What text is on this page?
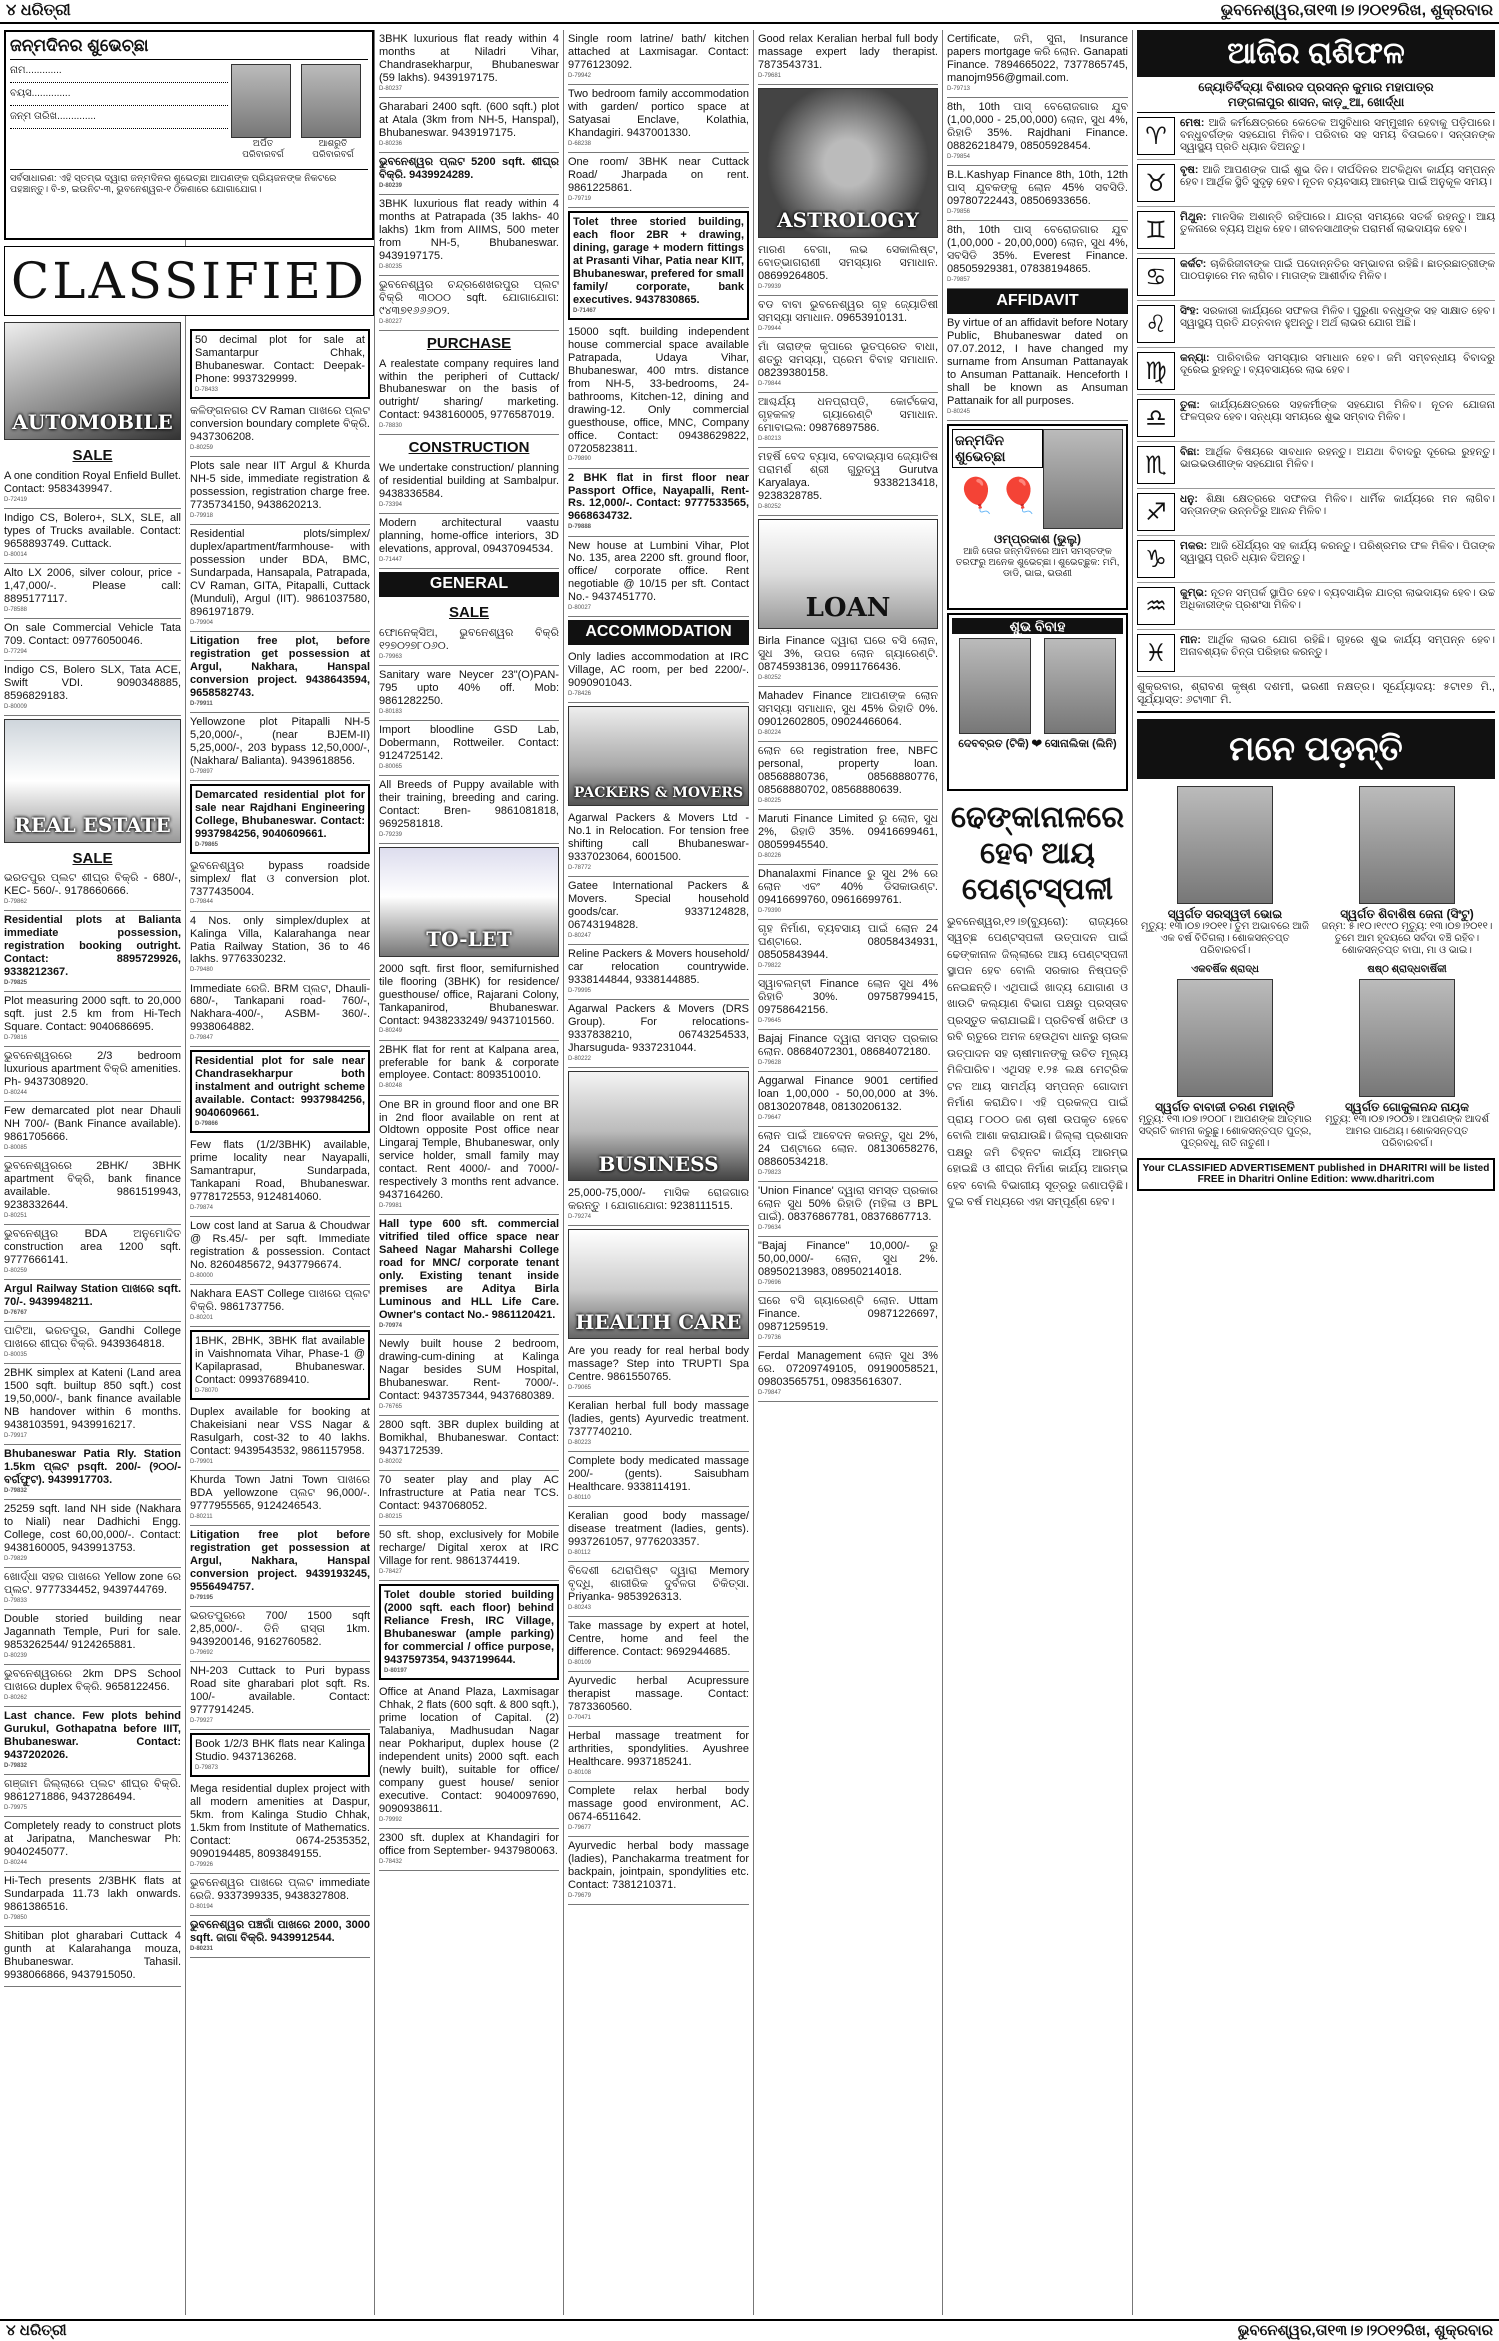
୪ ଧରିତ୍ରୀ	ଭୁବନେଶ୍ୱର,ତା୧୩।୭।୨୦୧୨ରିଖ, ଶୁକ୍ରବାର
ଜନ୍ମଦିନର ଶୁଭେଚ୍ଛା
ନାମ.............
ବୟସ..............
ଜନ୍ମ ତାରିଖ..............
ଅର୍ପିତ ପରିବାରବର୍ଗ
ଆଶରୁତି ପରିବାରବର୍ଗ
ସର୍ବସାଧାରଣ: ଏହି ସ୍ତମ୍ଭ ଦ୍ୱାରା ଜନ୍ମଦିନର ଶୁଭେଚ୍ଛା ଆପଣଙ୍କ ପ୍ରିୟଜନଙ୍କ ନିକଟରେ ପହଞ୍ଚାନ୍ତୁ। ବି-୭, ଇଉନିଟ-୩, ଭୁବନେଶ୍ୱର-୧ ଠିକଣାରେ ଯୋଗାଯୋଗ।
CLASSIFIED
AUTOMOBILE
SALE
A one condition Royal Enfield Bullet. Contact: 9583439947.
D-72419
Indigo CS, Bolero+, SLX, SLE, all types of Trucks available. Contact: 9658893749. Cuttack.
D-80014
Alto LX 2006, silver colour, price - 1,47,000/-. Please call: 8895177117.
D-78588
On sale Commercial Vehicle Tata 709. Contact: 09776050046.
D-77294
Indigo CS, Bolero SLX, Tata ACE, Swift VDI. 9090348885, 8596829183.
D-80009
REAL ESTATE
SALE
ଭରତପୁର ପ୍ଲଟ ଶୀଘ୍ର ବିକ୍ରି - 680/-, KEC- 560/-. 9178660666.
D-79862
Residential plots at Balianta immediate possession, registration booking outright. Contact: 8895729926, 9338212367.
D-79825
Plot measuring 2000 sqft. to 20,000 sqft. just 2.5 km from Hi-Tech Square. Contact: 9040686695.
D-79816
ଭୁବନେଶ୍ୱରରେ 2/3 bedroom luxurious apartment ବିକ୍ରି amenities. Ph- 9437308920.
D-80244
Few demarcated plot near Dhauli NH 700/- (Bank Finance available). 9861705666.
D-80085
ଭୁବନେଶ୍ୱରରେ 2BHK/ 3BHK apartment ବିକ୍ରି, bank finance available. 9861519943, 9238332644.
D-80251
ଭୁବନେଶ୍ୱର BDA ଅନୁମୋଦିତ construction area 1200 sqft. 9777666141.
D-80259
Argul Railway Station ପାଖରେ sqft. 70/-. 9439948211.
D-76767
ପାଟିଆ, ଭରତପୁର, Gandhi College ପାଖରେ ଶୀଘ୍ର ବିକ୍ରି. 9439364818.
D-80035
2BHK simplex at Kateni (Land area 1500 sqft. builtup 850 sqft.) cost 19,50,000/-, bank finance available NB handover within 6 months. 9438103591, 9439916217.
D-79917
Bhubaneswar Patia Rly. Station 1.5km ପ୍ଲଟ psqft. 200/- (୨୦୦/-ବର୍ଗଫୁଟ). 9439917703.
D-79832
25259 sqft. land NH side (Nakhara to Niali) near Dadhichi Engg. College, cost 60,00,000/-. Contact: 9438160005, 9439913753.
D-79829
ଖୋର୍ଦ୍ଧା ସହର ପାଖରେ Yellow zone ରେ ପ୍ଲଟ. 9777334452, 9439744769.
D-79833
Double storied building near Jagannath Temple, Puri for sale. 9853262544/ 9124265881.
D-80239
ଭୁବନେଶ୍ୱରରେ 2km DPS School ପାଖରେ duplex ବିକ୍ରି. 9658122456.
D-80262
Last chance. Few plots behind Gurukul, Gothapatna before IIIT, Bhubaneswar. Contact: 9437202026.
D-79832
ଗଞ୍ଜାମ ଜିଲ୍ଲାରେ ପ୍ଲଟ ଶୀଘ୍ର ବିକ୍ରି. 9861271886, 9437286494.
D-79975
Completely ready to construct plots at Jaripatna, Mancheswar Ph: 9040245077.
D-80244
Hi-Tech presents 2/3BHK flats at Sundarpada 11.73 lakh onwards. 9861386516.
D-79850
Shitiban plot gharabari Cuttack 4 gunth at Kalarahanga mouza, Bhubaneswar. Tahasil. 9938066866, 9437915050.
50 decimal plot for sale at Samantarpur Chhak, Bhubaneswar. Contact: Deepak- Phone: 9937329999.
D-78433
କଳିଙ୍ଗନଗର CV Raman ପାଖରେ ପ୍ଲଟ conversion boundary complete ବିକ୍ରି. 9437306208.
D-80259
Plots sale near IIT Argul & Khurda NH-5 side, immediate registration & possession, registration charge free. 7735734150, 9438620213.
D-79918
Residential plots/simplex/ duplex/apartment/farmhouse- with possession under BDA, BMC, Sundarpada, Hansapala, Patrapada, CV Raman, GITA, Pitapalli, Cuttack (Munduli), Argul (IIT). 9861037580, 8961971879.
D-79904
Litigation free plot, before registration get possession at Argul, Nakhara, Hanspal conversion project. 9438643594, 9658582743.
D-79911
Yellowzone plot Pitapalli NH-5 5,20,000/-, (near BJEM-II) 5,25,000/-, 203 bypass 12,50,000/-, (Nakhara/ Balianta). 9439618856.
D-79897
Demarcated residential plot for sale near Rajdhani Engineering College, Bhubaneswar. Contact: 9937984256, 9040609661.
D-79865
ଭୁବନେଶ୍ୱର bypass roadside simplex/ flat ଓ conversion plot. 7377435004.
D-79844
4 Nos. only simplex/duplex at Kalinga Villa, Kalarahanga near Patia Railway Station, 36 to 46 lakhs. 9776330232.
D-79480
Immediate ରେଜି. BRM ପ୍ଲଟ, Dhauli- 680/-, Tankapani road- 760/-, Nakhara-400/-, ASBM- 360/-. 9938064882.
D-79847
Residential plot for sale near Chandrasekharpur both instalment and outright scheme available. Contact: 9937984256, 9040609661.
D-79866
Few flats (1/2/3BHK) available, prime locality near Nayapalli, Samantrapur, Sundarpada, Tankapani Road, Bhubaneswar. 9778172553, 9124814060.
D-79874
Low cost land at Sarua & Choudwar @ Rs.45/- per sqft. Immediate registration & possession. Contact No. 8260485672, 9437796674.
D-80000
Nakhara EAST College ପାଖରେ ପ୍ଲଟ ବିକ୍ରି. 9861737756.
D-80201
1BHK, 2BHK, 3BHK flat available in Vaishnomata Vihar, Phase-1 @ Kapilaprasad, Bhubaneswar. Contact: 09937689410.
D-78070
Duplex available for booking at Chakeisiani near VSS Nagar & Rasulgarh, cost-32 to 40 lakhs. Contact: 9439543532, 9861157958.
D-79901
Khurda Town Jatni Town ପାଖରେ BDA yellowzone ପ୍ଲଟ 96,000/-. 9777955565, 9124246543.
D-80211
Litigation free plot before registration get possession at Argul, Nakhara, Hanspal conversion project. 9439193245, 9556494757.
D-79195
ଭରତପୁରରେ 700/ 1500 sqft 2,85,000/-. ତିନି ରାସ୍ତା 1km. 9439200146, 9162760582.
D-79692
NH-203 Cuttack to Puri bypass Road site gharabari plot sqft. Rs. 100/- available. Contact: 9777914245.
D-79927
Book 1/2/3 BHK flats near Kalinga Studio. 9437136268.
D-79873
Mega residential duplex project with all modern amenities at Daspur, 5km. from Kalinga Studio Chhak, 1.5km from Institute of Mathematics. Contact: 0674-2535352, 9090194485, 8093849155.
D-79926
ଭୁବନେଶ୍ୱର ପାଖରେ ପ୍ଲଟ immediate ରେଜି. 9337399335, 9438327808.
D-80194
ଭୁବନେଶ୍ୱର ପଞ୍ଚଗାଁ ପାଖରେ 2000, 3000 sqft. ଜାଗା ବିକ୍ରି. 9439912544.
D-80231
3BHK luxurious flat ready within 4 months at Niladri Vihar, Chandrasekharpur, Bhubaneswar (59 lakhs). 9439197175.
D-80237
Gharabari 2400 sqft. (600 sqft.) plot at Atala (3km from NH-5, Hanspal), Bhubaneswar. 9439197175.
D-80236
ଭୁବନେଶ୍ୱର ପ୍ଲଟ 5200 sqft. ଶୀଘ୍ର ବିକ୍ରି. 9439924289.
D-80239
3BHK luxurious flat ready within 4 months at Patrapada (35 lakhs- 40 lakhs) 1km from AIIMS, 500 meter from NH-5, Bhubaneswar. 9439197175.
D-80235
ଭୁବନେଶ୍ୱର ଚନ୍ଦ୍ରଶେଖରପୁର ପ୍ଲଟ ବିକ୍ରି ୩୦୦୦ sqft. ଯୋଗାଯୋଗ: ୯୪୩୭୧୬୬୬୦୨.
D-80227
PURCHASE
A realestate company requires land within the peripheri of Cuttack/ Bhubaneswar on the basis of outright/ sharing/ marketing. Contact: 9438160005, 9776587019.
D-78830
CONSTRUCTION
We undertake construction/ planning of residential building at Sambalpur. 9438336584.
D-73394
Modern architectural vaastu planning, home-office interiors, 3D elevations, approval, 09437094534.
D-71447
GENERAL
SALE
ଫୋନେକ୍ସିଅ, ଭୁବନେଶ୍ୱର ବିକ୍ରି ୧୨୭୦୨୭୮୦୬୦.
D-79963
Sanitary ware Neycer 23"(O)PAN-795 upto 40% off. Mob: 9861282250.
D-80183
Import bloodline GSD Lab, Dobermann, Rottweiler. Contact: 9124725142.
D-80065
All Breeds of Puppy available with their training, breeding and caring. Contact: Bren- 9861081818, 9692581818.
D-79239
TO-LET
2000 sqft. first floor, semifurnished tile flooring (3BHK) for residence/ guesthouse/ office, Rajarani Colony, Tankapanirod, Bhubaneswar. Contact: 9438233249/ 9437101560.
D-80249
2BHK flat for rent at Kalpana area, preferable for bank & corporate employee. Contact: 8093510010.
D-80248
One BR in ground floor and one BR in 2nd floor available on rent at Oldtown opposite Post office near Lingaraj Temple, Bhubaneswar, only service holder, small family may contact. Rent 4000/- and 7000/- respectively 3 months rent advance. 9437164260.
D-79981
Hall type 600 sft. commercial vitrified tiled office space near Saheed Nagar Maharshi College road for MNC/ corporate tenant only. Existing tenant inside premises are Aditya Birla Luminous and HLL Life Care. Owner's contact No.- 9861120421.
D-70974
Newly built house 2 bedroom, drawing-cum-dining at Kalinga Nagar besides SUM Hospital, Bhubaneswar. Rent- 7000/-. Contact: 9437357344, 9437680389.
D-76765
2800 sqft. 3BR duplex building at Bomikhal, Bhubaneswar. Contact: 9437172539.
D-80202
70 seater play and play AC Infrastructure at Patia near TCS. Contact: 9437068052.
D-80215
50 sft. shop, exclusively for Mobile recharge/ Digital xerox at IRC Village for rent. 9861374419.
D-78427
Tolet double storied building (2000 sqft. each floor) behind Reliance Fresh, IRC Village, Bhubaneswar (ample parking) for commercial / office purpose, 9437597354, 9437199644.
D-80197
Office at Anand Plaza, Laxmisagar Chhak, 2 flats (600 sqft. & 800 sqft.), prime location of Capital. (2) Talabaniya, Madhusudan Nagar near Pokhariput, duplex house (2 independent units) 2000 sqft. each (newly built), suitable for office/ company guest house/ senior executive. Contact: 9040097690, 9090938611.
D-79992
2300 sft. duplex at Khandagiri for office from September- 9437980063.
D-78432
Single room latrine/ bath/ kitchen attached at Laxmisagar. Contact: 9776123092.
D-79942
Two bedroom family accommodation with garden/ portico space at Satyasai Enclave, Kolathia, Khandagiri. 9437001330.
D-68238
One room/ 3BHK near Cuttack Road/ Jharpada on rent. 9861225861.
D-79719
Tolet three storied building, each floor 2BR + drawing, dining, garage + modern fittings at Prasanti Vihar, Patia near KIIT, Bhubaneswar, prefered for small family/ corporate, bank executives. 9437830865.
D-71467
15000 sqft. building independent house commercial space available Patrapada, Udaya Vihar, Bhubaneswar, 400 mtrs. distance from NH-5, 33-bedrooms, 24-bathrooms, Kitchen-12, dining and drawing-12. Only commercial guesthouse, office, MNC, Company office. Contact: 09438629822, 07205823811.
D-79890
2 BHK flat in first floor near Passport Office, Nayapalli, Rent-Rs. 12,000/-. Contact: 9777533565, 9668634732.
D-79888
New house at Lumbini Vihar, Plot No. 135, area 2200 sft. ground floor, office/ corporate office. Rent negotiable @ 10/15 per sft. Contact No.- 9437451770.
D-80027
ACCOMMODATION
Only ladies accommodation at IRC Village, AC room, per bed 2200/-. 9090901043.
D-78426
PACKERS & MOVERS
Agarwal Packers & Movers Ltd - No.1 in Relocation. For tension free shifting call Bhubaneswar- 9337023064, 6001500.
D-78772
Gatee International Packers & Movers. Special household goods/car. 9337124828, 06743194828.
D-80247
Reline Packers & Movers household/ car relocation countrywide. 9338144844, 9338144885.
D-79995
Agarwal Packers & Movers (DRS Group). For relocations- 9337838210, 06743254533, Jharsuguda- 9337231044.
D-80222
BUSINESS
25,000-75,000/- ମାସିକ ରୋଜଗାର କରନ୍ତୁ । ଯୋଗାଯୋଗ: 9238111515.
D-79274
HEALTH CARE
Are you ready for real herbal body massage? Step into TRUPTI Spa Centre. 9861550765.
D-79065
Keralian herbal full body massage (ladies, gents) Ayurvedic treatment. 7377740210.
D-80223
Complete body medicated massage 200/- (gents). Saisubham Healthcare. 9338114191.
D-80110
Keralian good body massage/ disease treatment (ladies, gents). 9937261057, 9776203357.
D-80112
ବିଦେଶୀ ଥେରାପିଷ୍ଟ ଦ୍ୱାରା Memory ବୃଦ୍ଧି, ଶାରୀରିକ ଦୁର୍ବଳତା ଚିକିତ୍ସା. Priyanka- 9853926313.
D-80243
Take massage by expert at hotel, Centre, home and feel the difference. Contact: 9692944685.
D-80109
Ayurvedic herbal Acupressure therapist massage. Contact: 7873360560.
D-70471
Herbal massage treatment for arthrities, spondylities. Ayushree Healthcare. 9937185241.
D-80108
Complete relax herbal body massage good environment, AC. 0674-6511642.
D-79677
Ayurvedic herbal body massage (ladies), Panchakarma treatment for backpain, jointpain, spondylities etc. Contact: 7381210371.
D-79679
Good relax Keralian herbal full body massage expert lady therapist. 7873543731.
D-79681
ASTROLOGY
ମାରଣ ବେଗା, ଲଭ ସେକାଲିଷ୍ଟ, ବୋତ୍‍ଭାଗରାଣୀ ସମସ୍ୟାର ସମାଧାନ. 08699264805.
D-79939
ବଡ ବାବା ଭୁବନେଶ୍ୱର ଗୃହ ଜ୍ୟୋତିଷୀ ସମସ୍ୟା ସମାଧାନ. 09653910131.
D-79944
ମାଁ ତାରାଙ୍କ କୃପାରେ ଭୂତପ୍ରେତ ବାଧା, ଶତ୍ରୁ ସମସ୍ୟା, ପ୍ରେମ ବିବାହ ସମାଧାନ. 08239380158.
D-79844
ଆଶ୍ଚର୍ଯ୍ୟ ଧନପ୍ରାପ୍ତି, କୋର୍ଟକେସ, ଗୃହକଳହ ଗ୍ୟାରେଣ୍ଟି ସମାଧାନ. ମୋବାଇଲ: 09876897586.
D-80213
ମହର୍ଷି ବେଦ ବ୍ୟାସ, ବେଦାଭ୍ୟାସ ଜ୍ୟୋତିଷ ପରାମର୍ଶ ଶ୍ରୀ ଗୁରୁତ୍ୱ Gurutva Karyalaya. 9338213418, 9238328785.
D-80252
LOAN
Birla Finance ଦ୍ୱାରା ଘରେ ବସି ଲୋନ, ସୁଧ 3%, ଉପର ଲୋନ ଗ୍ୟାରେଣ୍ଟି. 08745938136, 09911766436.
D-80252
Mahadev Finance ଆପଣଙ୍କ ଲୋନ ସମସ୍ୟା ସମାଧାନ, ସୁଧ 45% ରିହାତି 0%. 09012602805, 09024466064.
D-80224
ଲୋନ ରେ registration free, NBFC personal, property loan. 08568880736, 08568880776, 08568880702, 08568880639.
D-80225
Maruti Finance Limited ରୁ ଲୋନ, ସୁଧ 2%, ରିହାତି 35%. 09416699461, 08059945540.
D-80226
Dhanalaxmi Finance ରୁ ସୁଧ 2% ରେ ଲୋନ ଏବଂ 40% ଡିସକାଉଣ୍ଟ. 09416699760, 09616699761.
D-79390
ଗୃହ ନିର୍ମାଣ, ବ୍ୟବସାୟ ପାଇଁ ଲୋନ 24 ଘଣ୍ଟାରେ. 08058434931, 08505843944.
D-79822
ସ୍ୱାବଲମ୍ବୀ Finance ଲୋନ ସୁଧ 4% ରିହାତି 30%. 09758799415, 09758642156.
D-79645
Bajaj Finance ଦ୍ୱାରା ସମସ୍ତ ପ୍ରକାର ଲୋନ. 08684072301, 08684072180.
D-79628
Aggarwal Finance 9001 certified loan 1,00,000 - 50,00,000 at 3%. 08130207848, 08130206132.
D-79647
ଲୋନ ପାଇଁ ଆବେଦନ କରନ୍ତୁ, ସୁଧ 2%, 24 ଘଣ୍ଟାରେ ଲୋନ. 08130658276, 08860534218.
D-79823
'Union Finance' ଦ୍ୱାରା ସମସ୍ତ ପ୍ରକାର ଲୋନ ସୁଧ 50% ରିହାତି (ମହିଳା ଓ BPL ପାଇଁ). 08376867781, 08376867713.
D-79634
"Bajaj Finance" 10,000/- ରୁ 50,00,000/- ଲୋନ, ସୁଧ 2%. 08950213983, 08950214018.
D-79696
ଘରେ ବସି ଗ୍ୟାରେଣ୍ଟି ଲୋନ. Uttam Finance. 09871226697, 09871259519.
D-79736
Ferdal Management ଲୋନ ସୁଧ 3% ରେ. 07209749105, 09190058521, 09803565751, 09835616307.
D-79847
Certificate, ଜମି, ସୁନା, Insurance papers mortgage କରି ଲୋନ. Ganapati Finance. 7894665022, 7377865745, manojm956@gmail.com.
D-79713
8th, 10th ପାସ୍ ବେରୋଜଗାର ଯୁବ (1,00,000 - 25,00,000) ଲୋନ, ସୁଧ 4%, ରିହାତି 35%. Rajdhani Finance. 08826218479, 08505928454.
D-79854
B.L.Kashyap Finance 8th, 10th, 12th ପାସ୍ ଯୁବକଙ୍କୁ ଲୋନ 45% ସବସିଡି. 09780722443, 08506933656.
D-79856
8th, 10th ପାସ୍ ବେରୋଜଗାର ଯୁବ (1,00,000 - 20,00,000) ଲୋନ, ସୁଧ 4%, ସବସିଡି 35%. Everest Finance. 08505929381, 07838194865.
D-79857
AFFIDAVIT
By virtue of an affidavit before Notary Public, Bhubaneswar dated on 07.07.2012, I have changed my surname from Ansuman Pattanayak to Ansuman Pattanaik. Henceforth I shall be known as Ansuman Pattanaik for all purposes.
D-80245
ଜନ୍ମଦିନ ଶୁଭେଚ୍ଛା
🎈🎈
ଓମ୍‌ପ୍ରକାଶ (ଭୁଲୁ)
ଆଜି ତୋର ଜନ୍ମଦିନରେ ଆମ ସମସ୍ତଙ୍କ ତରଫରୁ ଅନେକ ଶୁଭେଚ୍ଛା। ଶୁଭେଚ୍ଛୁକ: ମମି, ଡାଡି, ଭାଇ, ଭଉଣୀ
ଶୁଭ ବିବାହ
ଦେବବ୍ରତ (ଟିକି) ❤ ସୋନାଲିକା (ଲିନି)
ଢେଙ୍କାନାଳରେ ହେବ ଆୟ ପେଣ୍ଟସ୍ପଳୀ
ଭୁବନେଶ୍ୱର,୧୨।୭(ବ୍ୟୁରୋ): ରାଜ୍ୟରେ ସ୍ୱଚ୍ଛ ପେଣ୍ଟସ୍ପଳୀ ଉତ୍ପାଦନ ପାଇଁ ଢେଙ୍କାନାଳ ଜିଲ୍ଲାରେ ଆୟ ପେଣ୍ଟସ୍ପଳୀ ସ୍ଥାପନ ହେବ ବୋଲି ସରକାର ନିଷ୍ପତ୍ତି ନେଇଛନ୍ତି। ଏଥିପାଇଁ ଖାଦ୍ୟ ଯୋଗାଣ ଓ ଖାଉଟି କଲ୍ୟାଣ ବିଭାଗ ପକ୍ଷରୁ ପ୍ରସ୍ତାବ ପ୍ରସ୍ତୁତ କରାଯାଇଛି। ପ୍ରତିବର୍ଷ ଖରିଫ ଓ ରବି ଋତୁରେ ଅମଳ ହେଉଥିବା ଧାନରୁ ଚାଉଳ ଉତ୍ପାଦନ ସହ ଚାଷୀମାନଙ୍କୁ ଉଚିତ ମୂଲ୍ୟ ମିଳିପାରିବ। ଏଥିସହ ୧.୨୫ ଲକ୍ଷ ମେଟ୍ରିକ ଟନ ଆୟ ସାମର୍ଥ୍ୟ ସମ୍ପନ୍ନ ଗୋଦାମ ନିର୍ମାଣ କରାଯିବ। ଏହି ପ୍ରକଳ୍ପ ପାଇଁ ପ୍ରାୟ ୮୦୦୦ ଜଣ ଚାଷୀ ଉପକୃତ ହେବେ ବୋଲି ଆଶା କରାଯାଉଛି। ଜିଲ୍ଲା ପ୍ରଶାସନ ପକ୍ଷରୁ ଜମି ଚିହ୍ନଟ କାର୍ଯ୍ୟ ଆରମ୍ଭ ହୋଇଛି ଓ ଶୀଘ୍ର ନିର୍ମାଣ କାର୍ଯ୍ୟ ଆରମ୍ଭ ହେବ ବୋଲି ବିଭାଗୀୟ ସୂତ୍ରରୁ ଜଣାପଡ଼ିଛି। ଦୁଇ ବର୍ଷ ମଧ୍ୟରେ ଏହା ସମ୍ପୂର୍ଣ୍ଣ ହେବ।
ଆଜିର ରାଶିଫଳ
ଜ୍ୟୋତିର୍ବିଦ୍ୟା ବିଶାରଦ ପ୍ରସନ୍ନ କୁମାର ମହାପାତ୍ର
ମଙ୍ଗଳାପୁର ଶାସନ, କାଡ଼ୁଆ, ଖୋର୍ଦ୍ଧା
♈	ମେଷ: ଆଜି କର୍ମକ୍ଷେତ୍ରରେ କେତେକ ଅସୁବିଧାର ସମ୍ମୁଖୀନ ହେବାକୁ ପଡ଼ିପାରେ। ବନ୍ଧୁବର୍ଗଙ୍କ ସହଯୋଗ ମିଳିବ। ପରିବାର ସହ ସମୟ ବିତାଇବେ। ସନ୍ତାନଙ୍କ ସ୍ୱାସ୍ଥ୍ୟ ପ୍ରତି ଧ୍ୟାନ ଦିଅନ୍ତୁ।
♉	ବୃଷ: ଆଜି ଆପଣଙ୍କ ପାଇଁ ଶୁଭ ଦିନ। ଦୀର୍ଘଦିନର ଅଟକିଥିବା କାର୍ଯ୍ୟ ସମ୍ପନ୍ନ ହେବ। ଆର୍ଥିକ ସ୍ଥିତି ସୁଦୃଢ଼ ହେବ। ନୂତନ ବ୍ୟବସାୟ ଆରମ୍ଭ ପାଇଁ ଅନୁକୂଳ ସମୟ।
♊	ମିଥୁନ: ମାନସିକ ଅଶାନ୍ତି ରହିପାରେ। ଯାତ୍ରା ସମୟରେ ସତର୍କ ରହନ୍ତୁ। ଆୟ ତୁଳନାରେ ବ୍ୟୟ ଅଧିକ ହେବ। ଜୀବନସାଥୀଙ୍କ ପରାମର୍ଶ ଲାଭଦାୟକ ହେବ।
♋	କର୍କଟ: ଚାକିରିଜୀବୀଙ୍କ ପାଇଁ ପଦୋନ୍ନତିର ସମ୍ଭାବନା ରହିଛି। ଛାତ୍ରଛାତ୍ରୀଙ୍କ ପାଠପଢ଼ାରେ ମନ ଲାଗିବ। ମାତାଙ୍କ ଆଶୀର୍ବାଦ ମିଳିବ।
♌	ସିଂହ: ସରକାରୀ କାର୍ଯ୍ୟରେ ସଫଳତା ମିଳିବ। ପୁରୁଣା ବନ୍ଧୁଙ୍କ ସହ ସାକ୍ଷାତ ହେବ। ସ୍ୱାସ୍ଥ୍ୟ ପ୍ରତି ଯତ୍ନବାନ ହୁଅନ୍ତୁ। ଅର୍ଥ ଲାଭର ଯୋଗ ଅଛି।
♍	କନ୍ୟା: ପାରିବାରିକ ସମସ୍ୟାର ସମାଧାନ ହେବ। ଜମି ସମ୍ବନ୍ଧୀୟ ବିବାଦରୁ ଦୂରେଇ ରୁହନ୍ତୁ। ବ୍ୟବସାୟରେ ଲାଭ ହେବ।
♎	ତୁଳା: କାର୍ଯ୍ୟକ୍ଷେତ୍ରରେ ସହକର୍ମୀଙ୍କ ସହଯୋଗ ମିଳିବ। ନୂତନ ଯୋଜନା ଫଳପ୍ରଦ ହେବ। ସନ୍ଧ୍ୟା ସମୟରେ ଶୁଭ ସମ୍ବାଦ ମିଳିବ।
♏	ବିଛା: ଆର୍ଥିକ ବିଷୟରେ ସାବଧାନ ରହନ୍ତୁ। ଅଯଥା ବିବାଦରୁ ଦୂରେଇ ରୁହନ୍ତୁ। ଭାଇଭଉଣୀଙ୍କ ସହଯୋଗ ମିଳିବ।
♐	ଧନୁ: ଶିକ୍ଷା କ୍ଷେତ୍ରରେ ସଫଳତା ମିଳିବ। ଧାର୍ମିକ କାର୍ଯ୍ୟରେ ମନ ଲାଗିବ। ସନ୍ତାନଙ୍କ ଉନ୍ନତିରୁ ଆନନ୍ଦ ମିଳିବ।
♑	ମକର: ଆଜି ଧୈର୍ଯ୍ୟର ସହ କାର୍ଯ୍ୟ କରନ୍ତୁ। ପରିଶ୍ରମର ଫଳ ମିଳିବ। ପିତାଙ୍କ ସ୍ୱାସ୍ଥ୍ୟ ପ୍ରତି ଧ୍ୟାନ ଦିଅନ୍ତୁ।
♒	କୁମ୍ଭ: ନୂତନ ସମ୍ପର୍କ ସ୍ଥାପିତ ହେବ। ବ୍ୟବସାୟିକ ଯାତ୍ରା ଲାଭଦାୟକ ହେବ। ଉଚ୍ଚ ଅଧିକାରୀଙ୍କ ପ୍ରଶଂସା ମିଳିବ।
♓	ମୀନ: ଆର୍ଥିକ ଲାଭର ଯୋଗ ରହିଛି। ଗୃହରେ ଶୁଭ କାର୍ଯ୍ୟ ସମ୍ପନ୍ନ ହେବ। ଅନାବଶ୍ୟକ ଚିନ୍ତା ପରିହାର କରନ୍ତୁ।
ଶୁକ୍ରବାର, ଶ୍ରାବଣ କୃଷ୍ଣ ଦଶମୀ, ଭରଣୀ ନକ୍ଷତ୍ର। ସୂର୍ଯ୍ୟୋଦୟ: ୫ଟା୧୭ ମି., ସୂର୍ଯ୍ୟାସ୍ତ: ୬ଟା୩୮ ମି.
ମନେ ପଡ଼ନ୍ତି
ସ୍ୱର୍ଗତ ସରସ୍ୱତୀ ଭୋଇ
ମୃତ୍ୟୁ: ୧୩।୦୭।୨୦୧୧। ତୁମ ଅଭାବରେ ଆଜି ଏକ ବର୍ଷ ବିତିଗଲା। ଶୋକସନ୍ତପ୍ତ ପରିବାରବର୍ଗ।
ସ୍ୱର୍ଗତ ଶିବାଶିଷ ଜେନା (ସିଂଟୁ)
ଜନ୍ମ: ୫।୧୦।୧୯୯୦ ମୃତ୍ୟୁ: ୧୩।୦୭।୨୦୧୧। ତୁମେ ଆମ ହୃଦୟରେ ସର୍ବଦା ବଞ୍ଚି ରହିବ। ଶୋକସନ୍ତପ୍ତ ବାପା, ମା ଓ ଭାଇ।
ଏକବର୍ଷିକ ଶ୍ରାଦ୍ଧ
ସ୍ୱର୍ଗତ ବାବାଜୀ ଚରଣ ମହାନ୍ତି
ମୃତ୍ୟୁ: ୧୩।୦୭।୨୦୦୮। ଆପଣଙ୍କ ଆତ୍ମାର ସଦ୍‌ଗତି କାମନା କରୁଛୁ। ଶୋକସନ୍ତପ୍ତ ପୁତ୍ର, ପୁତ୍ରବଧୂ, ନାତି ନାତୁଣୀ।
ଷଷ୍ଠ ଶ୍ରାଦ୍ଧବାର୍ଷିକୀ
ସ୍ୱର୍ଗତ ଗୋକୁଳାନନ୍ଦ ନାୟକ
ମୃତ୍ୟୁ: ୧୩।୦୭।୨୦୦୭। ଆପଣଙ୍କ ଆଦର୍ଶ ଆମର ପାଥେୟ। ଶୋକସନ୍ତପ୍ତ ପରିବାରବର୍ଗ।
Your CLASSIFIED ADVERTISEMENT published in DHARITRI will be listed FREE in Dharitri Online Edition: www.dharitri.com
୪ ଧରିତ୍ରୀ	ଭୁବନେଶ୍ୱର,ତା୧୩।୭।୨୦୧୨ରିଖ, ଶୁକ୍ରବାର
